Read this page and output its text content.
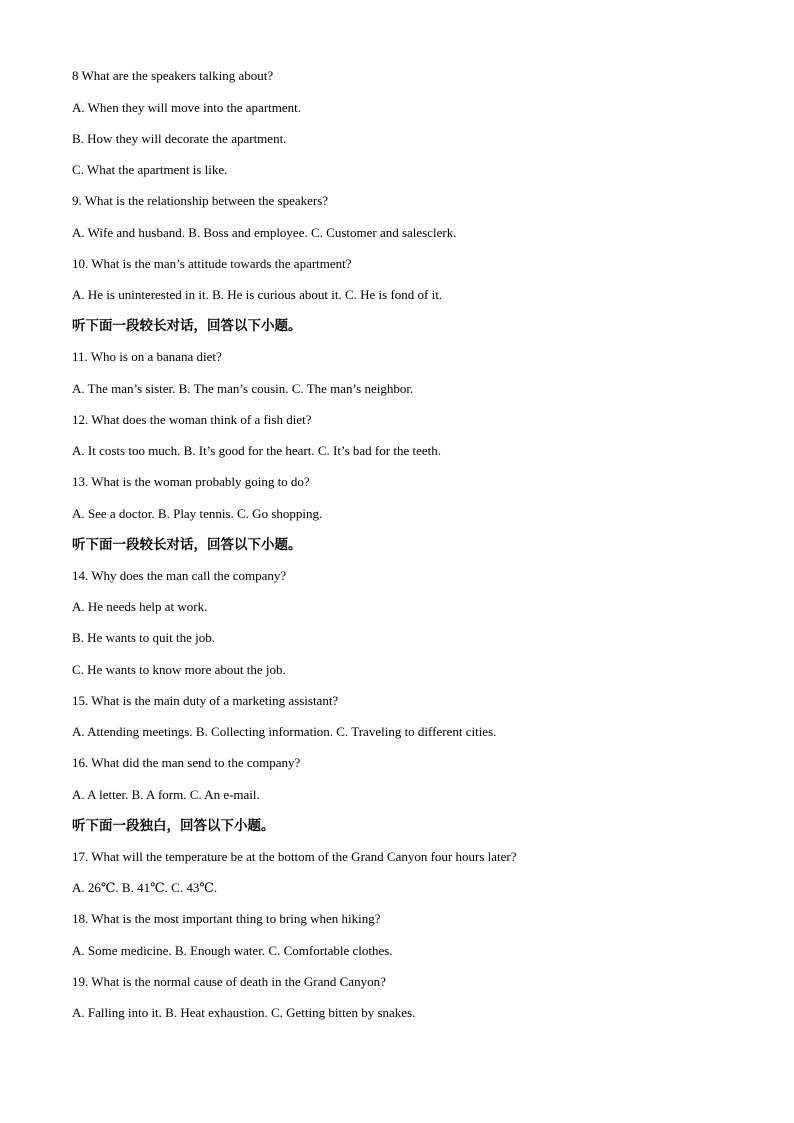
8 What are the speakers talking about?
A. When they will move into the apartment.
B. How they will decorate the apartment.
C. What the apartment is like.
9. What is the relationship between the speakers?
A. Wife and husband. B. Boss and employee. C. Customer and salesclerk.
10. What is the man’s attitude towards the apartment?
A. He is uninterested in it. B. He is curious about it. C. He is fond of it.
听下面一段较长对话，回答以下小题。
11. Who is on a banana diet?
A. The man’s sister. B. The man’s cousin. C. The man’s neighbor.
12. What does the woman think of a fish diet?
A. It costs too much. B. It’s good for the heart. C. It’s bad for the teeth.
13. What is the woman probably going to do?
A. See a doctor. B. Play tennis. C. Go shopping.
听下面一段较长对话，回答以下小题。
14. Why does the man call the company?
A. He needs help at work.
B. He wants to quit the job.
C. He wants to know more about the job.
15. What is the main duty of a marketing assistant?
A. Attending meetings. B. Collecting information. C. Traveling to different cities.
16. What did the man send to the company?
A. A letter. B. A form. C. An e-mail.
听下面一段独白，回答以下小题。
17. What will the temperature be at the bottom of the Grand Canyon four hours later?
A. 26℃. B. 41℃. C. 43℃.
18. What is the most important thing to bring when hiking?
A. Some medicine. B. Enough water. C. Comfortable clothes.
19. What is the normal cause of death in the Grand Canyon?
A. Falling into it. B. Heat exhaustion. C. Getting bitten by snakes.
